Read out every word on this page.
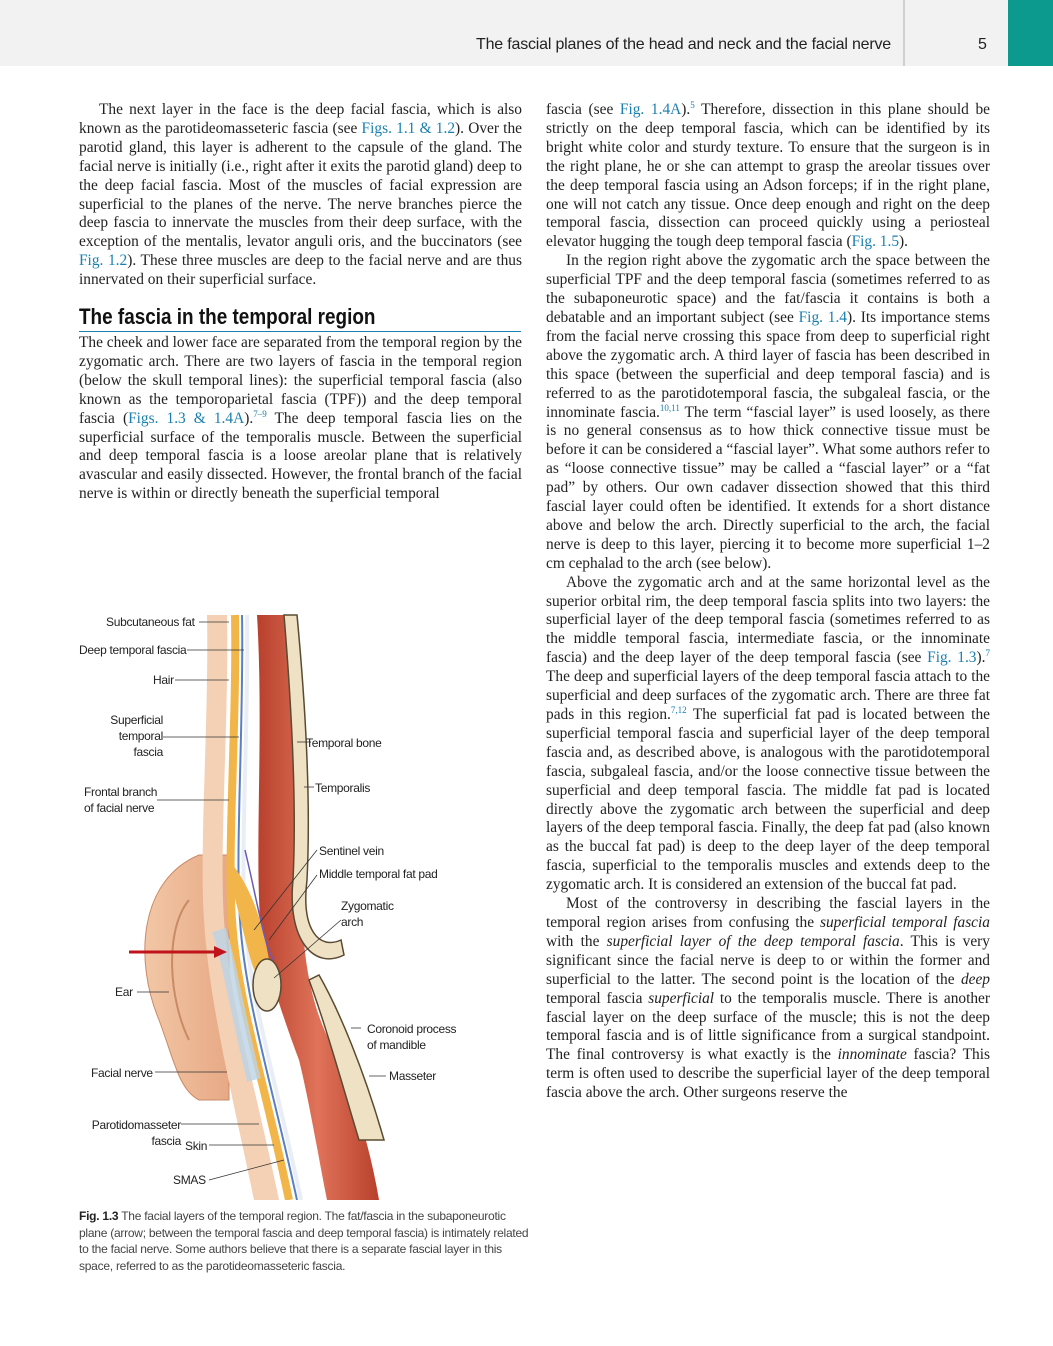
The fascial planes of the head and neck and the facial nerve	5

The next layer in the face is the deep facial fascia, which is also known as the parotideomasseteric fascia (see Figs. 1.1 & 1.2). Over the parotid gland, this layer is adherent to the capsule of the gland. The facial nerve is initially (i.e., right after it exits the parotid gland) deep to the deep facial fascia. Most of the muscles of facial expression are superficial to the planes of the nerve. The nerve branches pierce the deep fascia to innervate the muscles from their deep surface, with the exception of the mentalis, levator anguli oris, and the buccinators (see Fig. 1.2). These three muscles are deep to the facial nerve and are thus innervated on their superficial surface.

The fascia in the temporal region

The cheek and lower face are separated from the temporal region by the zygomatic arch. There are two layers of fascia in the temporal region (below the skull temporal lines): the superficial temporal fascia (also known as the temporoparietal fascia (TPF)) and the deep temporal fascia (Figs. 1.3 & 1.4A).$^{7-9}$ The deep temporal fascia lies on the superficial surface of the temporalis muscle. Between the superficial and deep temporal fascia is a loose areolar plane that is relatively avascular and easily dissected. However, the frontal branch of the facial nerve is within or directly beneath the superficial temporal

Subcutaneous fat
Deep temporal fascia
Hair
Superficial temporal fascia
Frontal branch of facial nerve
Temporal bone
Temporalis
Sentinel vein
Middle temporal fat pad
Zygomatic arch
Ear
Coronoid process of mandible
Facial nerve	Masseter
Parotidomasseter fascia Skin
SMAS
Fig. 1.3 The facial layers of the temporal region. The fat/fascia in the subaponeurotic plane (arrow; between the temporal fascia and deep temporal fascia) is intimately related to the facial nerve. Some authors believe that there is a separate fascial layer in this space, referred to as the parotideomasseteric fascia.

fascia (see Fig. 1.4A).$^5$ Therefore, dissection in this plane should be strictly on the deep temporal fascia, which can be identified by its bright white color and sturdy texture. To ensure that the surgeon is in the right plane, he or she can attempt to grasp the areolar tissues over the deep temporal fascia using an Adson forceps; if in the right plane, one will not catch any tissue. Once deep enough and right on the deep temporal fascia, dissection can proceed quickly using a periosteal elevator hugging the tough deep temporal fascia (Fig. 1.5).

In the region right above the zygomatic arch the space between the superficial TPF and the deep temporal fascia (sometimes referred to as the subaponeurotic space) and the fat/fascia it contains is both a debatable and an important subject (see Fig. 1.4). Its importance stems from the facial nerve crossing this space from deep to superficial right above the zygomatic arch. A third layer of fascia has been described in this space (between the superficial and deep temporal fascia) and is referred to as the parotidotemporal fascia, the subgaleal fascia, or the innominate fascia.$^{10,11}$ The term “fascial layer” is used loosely, as there is no general consensus as to how thick connective tissue must be before it can be considered a “fascial layer”. What some authors refer to as “loose connective tissue” may be called a “fascial layer” or a “fat pad” by others. Our own cadaver dissection showed that this third fascial layer could often be identified. It extends for a short distance above and below the arch. Directly superficial to the arch, the facial nerve is deep to this layer, piercing it to become more superficial 1–2 cm cephalad to the arch (see below).

Above the zygomatic arch and at the same horizontal level as the superior orbital rim, the deep temporal fascia splits into two layers: the superficial layer of the deep temporal fascia (sometimes referred to as the middle temporal fascia, intermediate fascia, or the innominate fascia) and the deep layer of the deep temporal fascia (see Fig. 1.3).$^7$ The deep and superficial layers of the deep temporal fascia attach to the superficial and deep surfaces of the zygomatic arch. There are three fat pads in this region.$^{7,12}$ The superficial fat pad is located between the superficial temporal fascia and superficial layer of the deep temporal fascia and, as described above, is analogous with the parotidotemporal fascia, subgaleal fascia, and/or the loose connective tissue between the superficial and deep temporal fascia. The middle fat pad is located directly above the zygomatic arch between the superficial and deep layers of the deep temporal fascia. Finally, the deep fat pad (also known as the buccal fat pad) is deep to the deep layer of the deep temporal fascia, superficial to the temporalis muscles and extends deep to the zygomatic arch. It is considered an extension of the buccal fat pad.

Most of the controversy in describing the fascial layers in the temporal region arises from confusing the superficial temporal fascia with the superficial layer of the deep temporal fascia. This is very significant since the facial nerve is deep to or within the former and superficial to the latter. The second point is the location of the deep temporal fascia superficial to the temporalis muscle. There is another fascial layer on the deep surface of the muscle; this is not the deep temporal fascia and is of little significance from a surgical standpoint. The final controversy is what exactly is the innominate fascia? This term is often used to describe the superficial layer of the deep temporal fascia above the arch. Other surgeons reserve the
